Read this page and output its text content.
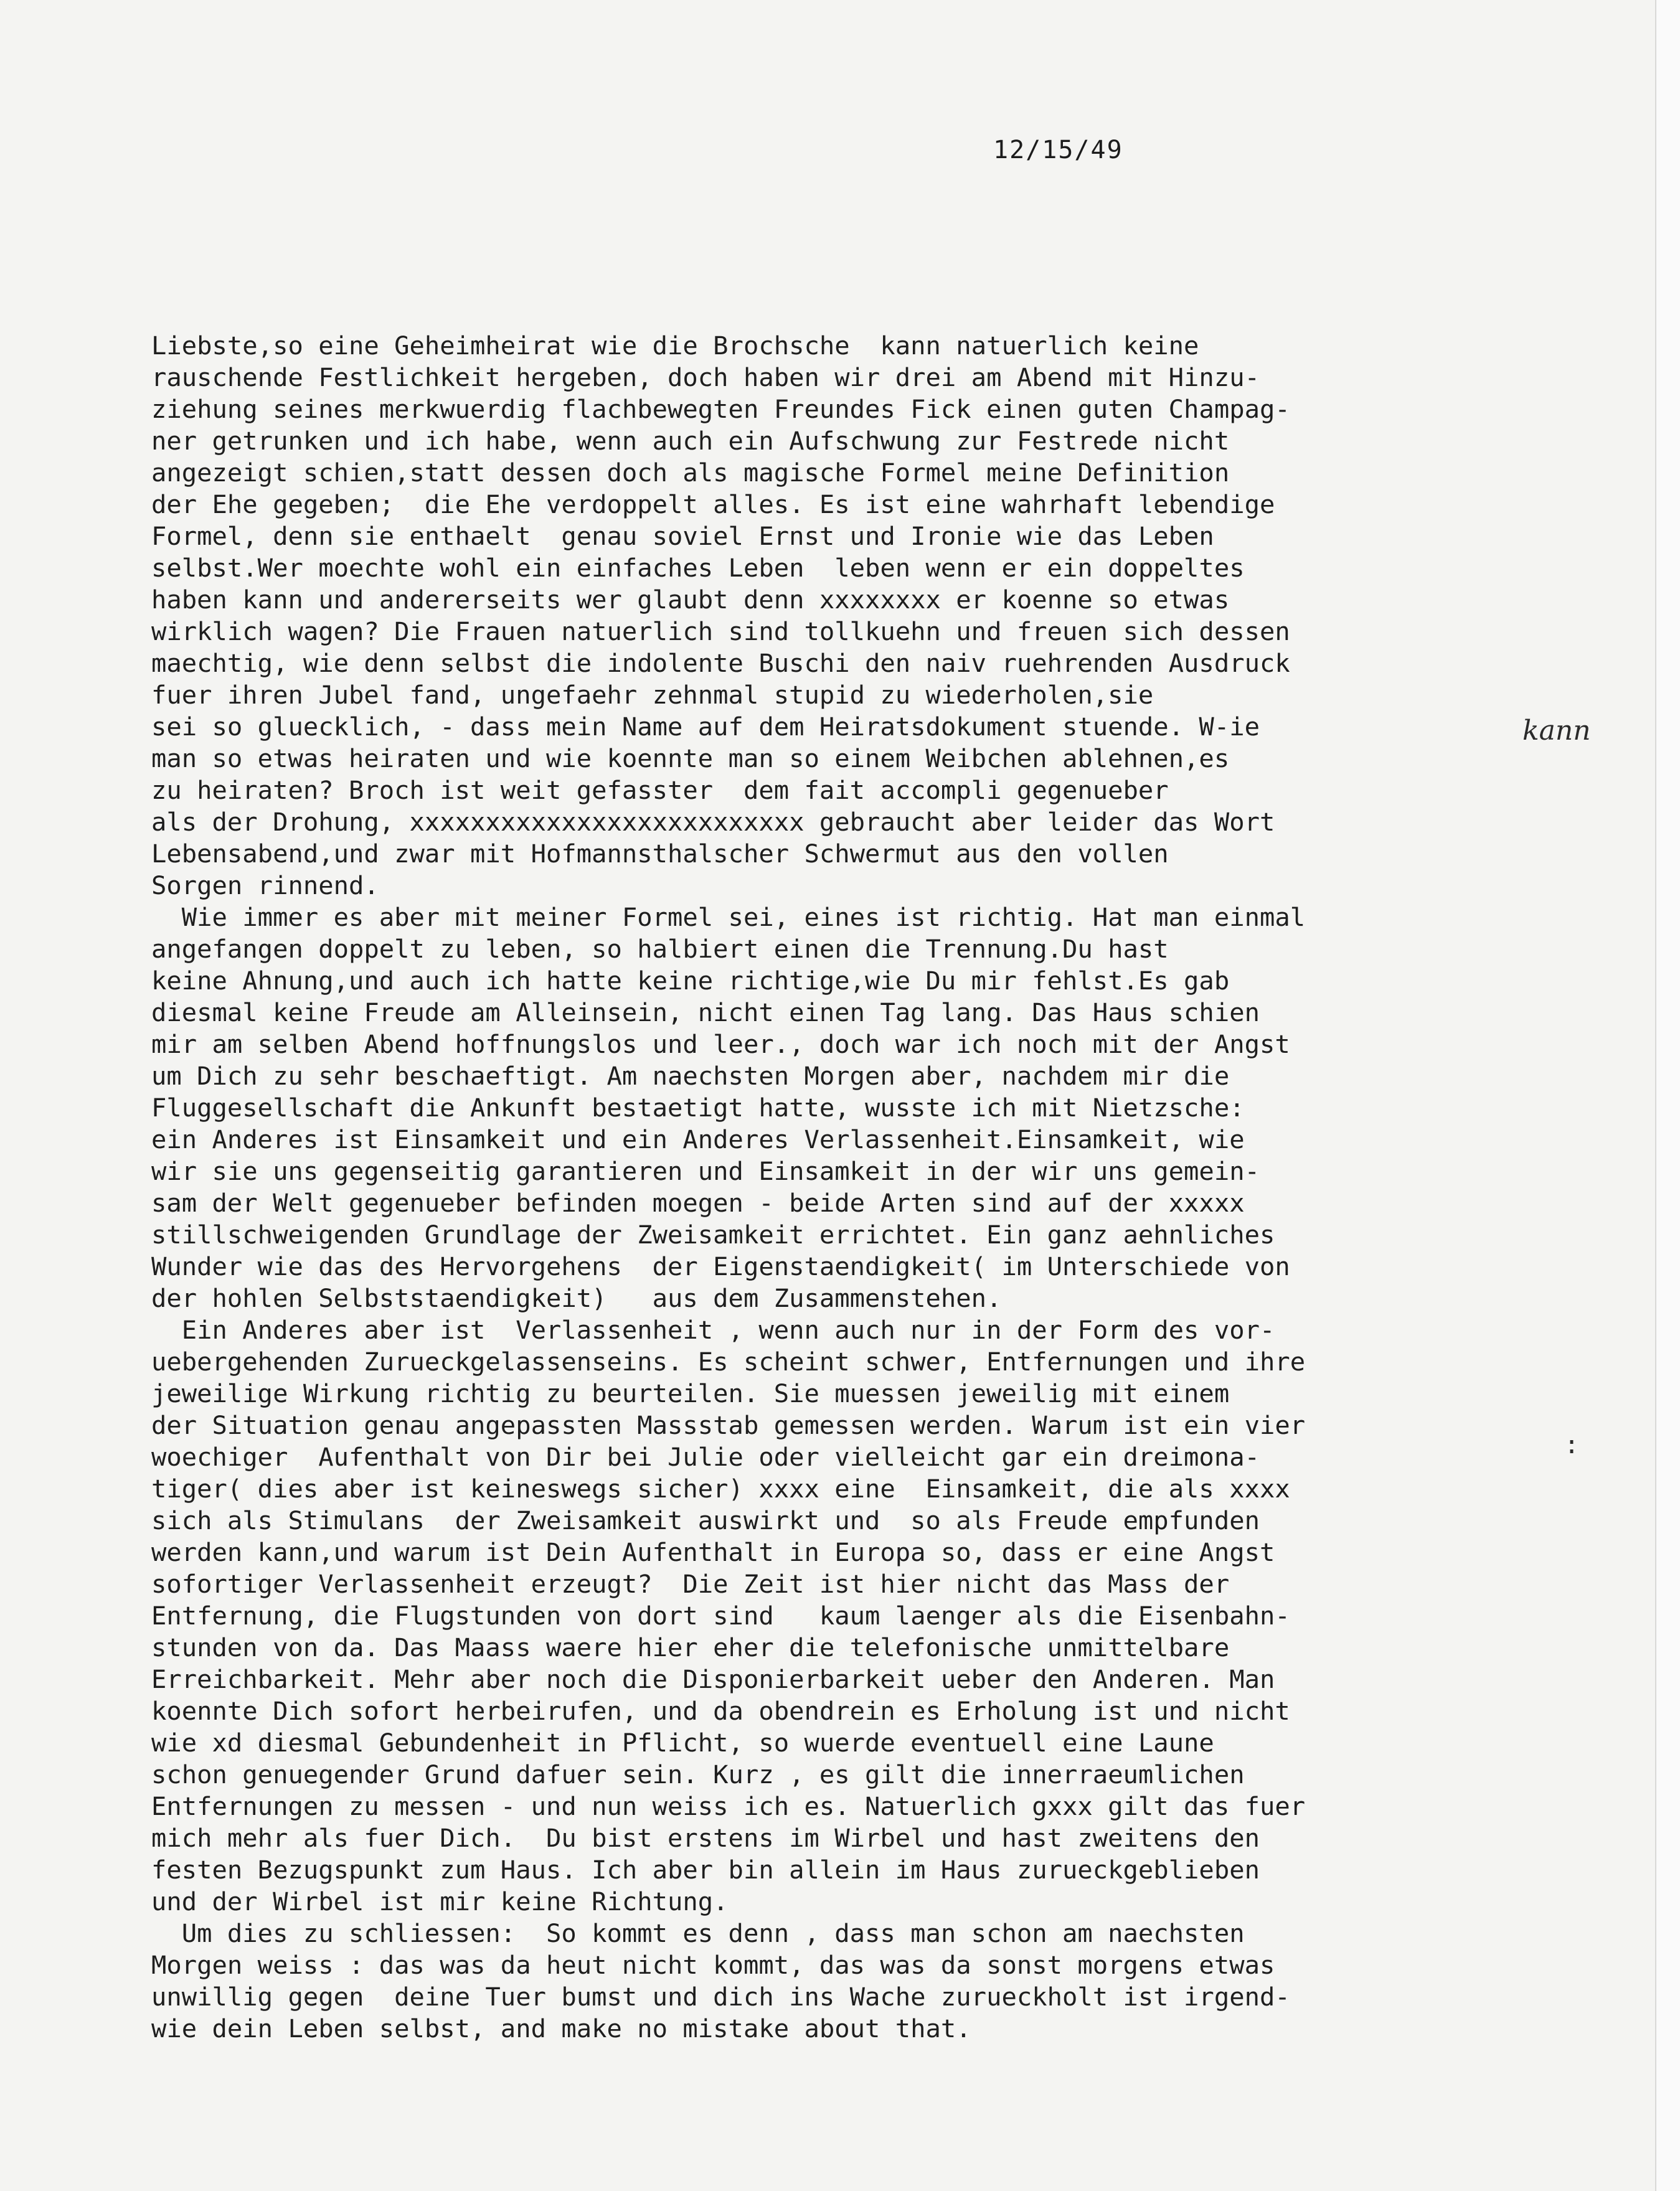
12/15/49
Liebste,so eine Geheimheirat wie die Brochsche  kann natuerlich keine
rauschende Festlichkeit hergeben, doch haben wir drei am Abend mit Hinzu-
ziehung seines merkwuerdig flachbewegten Freundes Fick einen guten Champag-
ner getrunken und ich habe, wenn auch ein Aufschwung zur Festrede nicht
angezeigt schien,statt dessen doch als magische Formel meine Definition
der Ehe gegeben;  die Ehe verdoppelt alles. Es ist eine wahrhaft lebendige
Formel, denn sie enthaelt  genau soviel Ernst und Ironie wie das Leben
selbst.Wer moechte wohl ein einfaches Leben  leben wenn er ein doppeltes
haben kann und andererseits wer glaubt denn xxxxxxxx er koenne so etwas
wirklich wagen? Die Frauen natuerlich sind tollkuehn und freuen sich dessen
maechtig, wie denn selbst die indolente Buschi den naiv ruehrenden Ausdruck
fuer ihren Jubel fand, ungefaehr zehnmal stupid zu wiederholen,sie
sei so gluecklich, - dass mein Name auf dem Heiratsdokument stuende. W-ie
man so etwas heiraten und wie koennte man so einem Weibchen ablehnen,es
zu heiraten? Broch ist weit gefasster  dem fait accompli gegenueber
als der Drohung, xxxxxxxxxxxxxxxxxxxxxxxxxx gebraucht aber leider das Wort
Lebensabend,und zwar mit Hofmannsthalscher Schwermut aus den vollen
Sorgen rinnend.
Wie immer es aber mit meiner Formel sei, eines ist richtig. Hat man einmal
angefangen doppelt zu leben, so halbiert einen die Trennung.Du hast
keine Ahnung,und auch ich hatte keine richtige,wie Du mir fehlst.Es gab
diesmal keine Freude am Alleinsein, nicht einen Tag lang. Das Haus schien
mir am selben Abend hoffnungslos und leer., doch war ich noch mit der Angst
um Dich zu sehr beschaeftigt. Am naechsten Morgen aber, nachdem mir die
Fluggesellschaft die Ankunft bestaetigt hatte, wusste ich mit Nietzsche:
ein Anderes ist Einsamkeit und ein Anderes Verlassenheit.Einsamkeit, wie
wir sie uns gegenseitig garantieren und Einsamkeit in der wir uns gemein-
sam der Welt gegenueber befinden moegen - beide Arten sind auf der xxxxx
stillschweigenden Grundlage der Zweisamkeit errichtet. Ein ganz aehnliches
Wunder wie das des Hervorgehens  der Eigenstaendigkeit( im Unterschiede von
der hohlen Selbststaendigkeit)   aus dem Zusammenstehen.
Ein Anderes aber ist  Verlassenheit , wenn auch nur in der Form des vor-
uebergehenden Zurueckgelassenseins. Es scheint schwer, Entfernungen und ihre
jeweilige Wirkung richtig zu beurteilen. Sie muessen jeweilig mit einem
der Situation genau angepassten Massstab gemessen werden. Warum ist ein vier
woechiger  Aufenthalt von Dir bei Julie oder vielleicht gar ein dreimona-
tiger( dies aber ist keineswegs sicher) xxxx eine  Einsamkeit, die als xxxx
sich als Stimulans  der Zweisamkeit auswirkt und  so als Freude empfunden
werden kann,und warum ist Dein Aufenthalt in Europa so, dass er eine Angst
sofortiger Verlassenheit erzeugt?  Die Zeit ist hier nicht das Mass der
Entfernung, die Flugstunden von dort sind   kaum laenger als die Eisenbahn-
stunden von da. Das Maass waere hier eher die telefonische unmittelbare
Erreichbarkeit. Mehr aber noch die Disponierbarkeit ueber den Anderen. Man
koennte Dich sofort herbeirufen, und da obendrein es Erholung ist und nicht
wie xd diesmal Gebundenheit in Pflicht, so wuerde eventuell eine Laune
schon genuegender Grund dafuer sein. Kurz , es gilt die innerraeumlichen
Entfernungen zu messen - und nun weiss ich es. Natuerlich gxxx gilt das fuer
mich mehr als fuer Dich.  Du bist erstens im Wirbel und hast zweitens den
festen Bezugspunkt zum Haus. Ich aber bin allein im Haus zurueckgeblieben
und der Wirbel ist mir keine Richtung.
Um dies zu schliessen:  So kommt es denn , dass man schon am naechsten
Morgen weiss : das was da heut nicht kommt, das was da sonst morgens etwas
unwillig gegen  deine Tuer bumst und dich ins Wache zurueckholt ist irgend-
wie dein Leben selbst, and make no mistake about that.
kann
:
